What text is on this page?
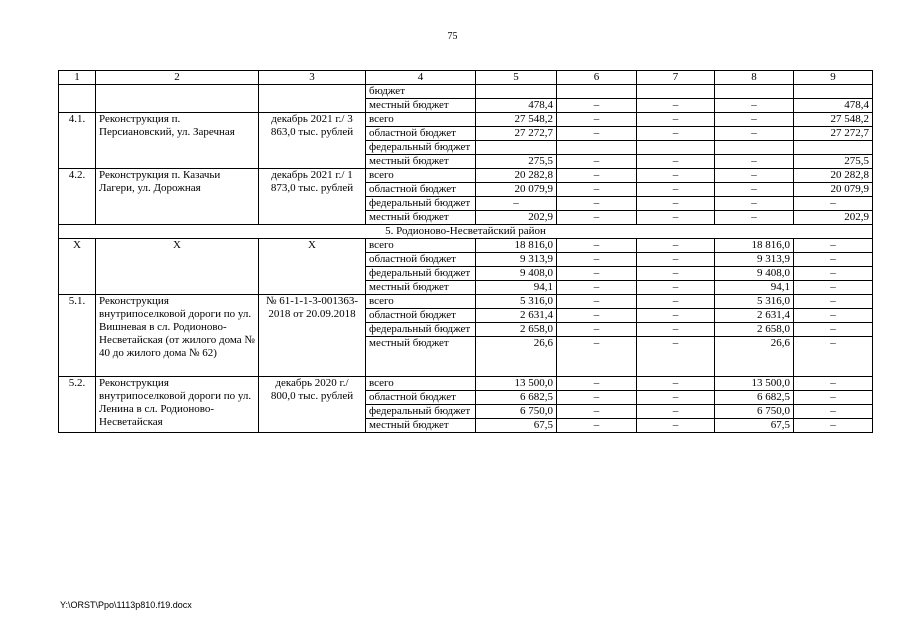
75
1	2	3	4	5	6	7	8	9
			бюджет					
			местный бюджет	478,4	–	–	–	478,4
4.1.	Реконструкция п. Персиановский, ул. Заречная	декабрь 2021 г./ 3 863,0 тыс. рублей	всего	27 548,2	–	–	–	27 548,2
			областной бюджет	27 272,7	–	–	–	27 272,7
			федеральный бюджет					
			местный бюджет	275,5	–	–	–	275,5
4.2.	Реконструкция п. Казачьи Лагери, ул. Дорожная	декабрь 2021 г./ 1 873,0 тыс. рублей	всего	20 282,8	–	–	–	20 282,8
			областной бюджет	20 079,9	–	–	–	20 079,9
			федеральный бюджет	–	–	–	–	–
			местный бюджет	202,9	–	–	–	202,9
5. Родионово-Несветайский район								
Х	Х	Х	всего	18 816,0	–	–	18 816,0	–
			областной бюджет	9 313,9	–	–	9 313,9	–
			федеральный бюджет	9 408,0	–	–	9 408,0	–
			местный бюджет	94,1	–	–	94,1	–
5.1.	Реконструкция внутрипоселковой дороги по ул. Вишневая в сл. Родионово-Несветайская (от жилого дома № 40 до жилого дома № 62)	№ 61-1-1-3-001363-2018 от 20.09.2018	всего	5 316,0	–	–	5 316,0	–
			областной бюджет	2 631,4	–	–	2 631,4	–
			федеральный бюджет	2 658,0	–	–	2 658,0	–
			местный бюджет	26,6	–	–	26,6	–
5.2.	Реконструкция внутрипоселковой дороги по ул. Ленина в сл. Родионово-Несветайская	декабрь 2020 г./ 800,0 тыс. рублей	всего	13 500,0	–	–	13 500,0	–
			областной бюджет	6 682,5	–	–	6 682,5	–
			федеральный бюджет	6 750,0	–	–	6 750,0	–
			местный бюджет	67,5	–	–	67,5	–
Y:\ORST\Ppo\1113p810.f19.docx
